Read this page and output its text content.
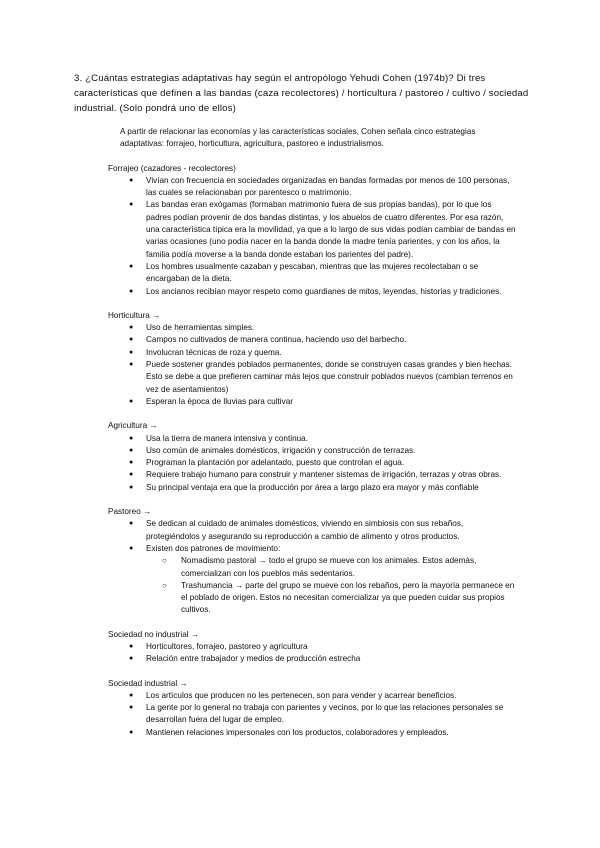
3. ¿Cuántas estrategias adaptativas hay según el antropólogo Yehudi Cohen (1974b)? Di tres características que definen a las bandas (caza recolectores) / horticultura / pastoreo / cultivo / sociedad industrial. (Solo pondrá uno de ellos)

A partir de relacionar las economías y las características sociales, Cohen señala cinco estrategias adaptativas: forrajeo, horticultura, agricultura, pastoreo e industrialismos.

Forrajeo (cazadores - recolectores)

● Vivían con frecuencia en sociedades organizadas en bandas formadas por menos de 100 personas, las cuales se relacionaban por parentesco o matrimonio.
● Las bandas eran exógamas (formaban matrimonio fuera de sus propias bandas), por lo que los padres podían provenir de dos bandas distintas, y los abuelos de cuatro diferentes. Por esa razón, una característica típica era la movilidad, ya que a lo largo de sus vidas podían cambiar de bandas en varias ocasiones (uno podía nacer en la banda donde la madre tenía parientes, y con los años, la familia podía moverse a la banda donde estaban los parientes del padre).
● Los hombres usualmente cazaban y pescaban, mientras que las mujeres recolectaban o se encargaban de la dieta.
● Los ancianos recibían mayor respeto como guardianes de mitos, leyendas, historias y tradiciones.

Horticultura →

● Uso de herramientas simples.
● Campos no cultivados de manera continua, haciendo uso del barbecho.
● Involucran técnicas de roza y quema.
● Puede sostener grandes poblados permanentes, donde se construyen casas grandes y bien hechas. Esto se debe a que prefieren caminar más lejos que construir poblados nuevos (cambian terrenos en vez de asentamientos)
● Esperan la época de lluvias para cultivar

Agricultura →

● Usa la tierra de manera intensiva y continua.
● Uso común de animales domésticos, irrigación y construcción de terrazas.
● Programan la plantación por adelantado, puesto que controlan el agua.
● Requiere trabajo humano para construir y mantener sistemas de irrigación, terrazas y otras obras.
● Su principal ventaja era que la producción por área a largo plazo era mayor y más confiable

Pastoreo →

● Se dedican al cuidado de animales domésticos, viviendo en simbiosis con sus rebaños, protegiéndolos y asegurando su reproducción a cambio de alimento y otros productos.
● Existen dos patrones de movimiento:
○ Nomadismo pastoral → todo el grupo se mueve con los animales. Estos además, comercializan con los pueblos más sedentarios.
○ Trashumancia → parte del grupo se mueve con los rebaños, pero la mayoría permanece en el poblado de origen. Estos no necesitan comercializar ya que pueden cuidar sus propios cultivos.

Sociedad no industrial →

● Horticultores, forrajeo, pastoreo y agricultura
● Relación entre trabajador y medios de producción estrecha

Sociedad industrial →

● Los artículos que producen no les pertenecen, son para vender y acarrear beneficios.
● La gente por lo general no trabaja con parientes y vecinos, por lo que las relaciones personales se desarrollan fuera del lugar de empleo.
● Mantienen relaciones impersonales con los productos, colaboradores y empleados.
